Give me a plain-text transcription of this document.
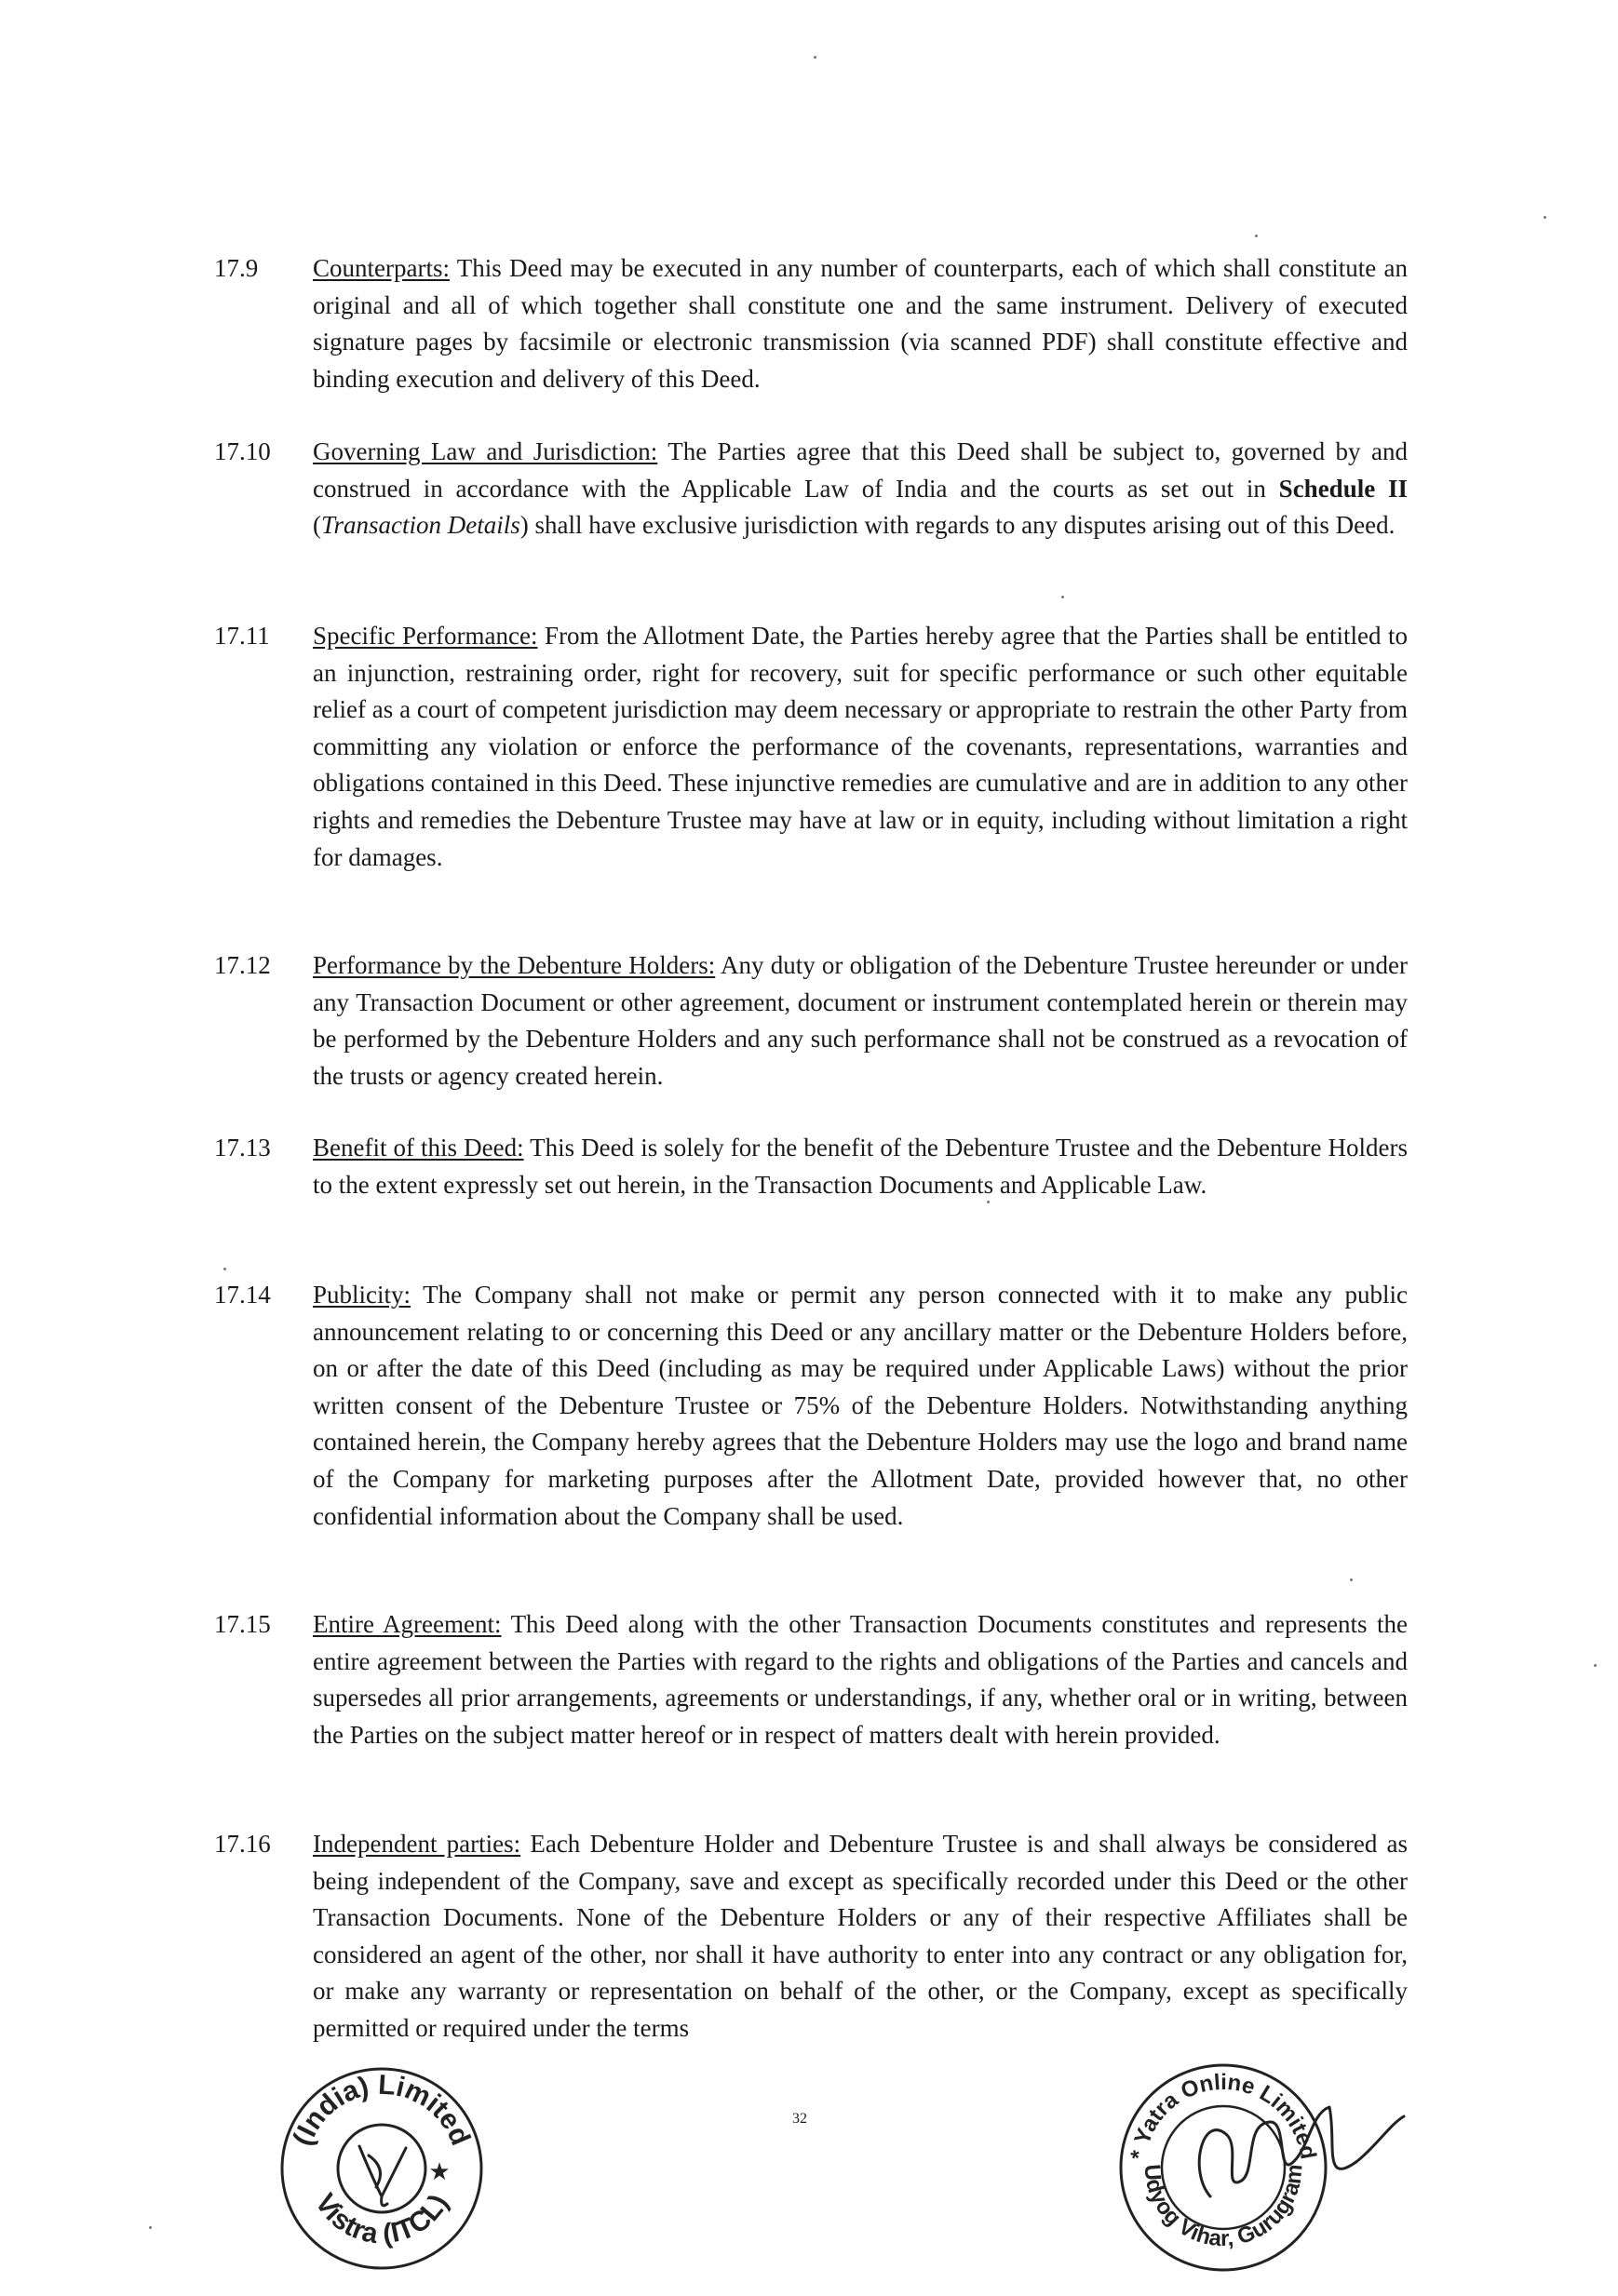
17.9	Counterparts: This Deed may be executed in any number of counterparts, each of which shall constitute an original and all of which together shall constitute one and the same instrument. Delivery of executed signature pages by facsimile or electronic transmission (via scanned PDF) shall constitute effective and binding execution and delivery of this Deed.

17.10	Governing Law and Jurisdiction: The Parties agree that this Deed shall be subject to, governed by and construed in accordance with the Applicable Law of India and the courts as set out in Schedule II (Transaction Details) shall have exclusive jurisdiction with regards to any disputes arising out of this Deed.

17.11	Specific Performance: From the Allotment Date, the Parties hereby agree that the Parties shall be entitled to an injunction, restraining order, right for recovery, suit for specific performance or such other equitable relief as a court of competent jurisdiction may deem necessary or appropriate to restrain the other Party from committing any violation or enforce the performance of the covenants, representations, warranties and obligations contained in this Deed. These injunctive remedies are cumulative and are in addition to any other rights and remedies the Debenture Trustee may have at law or in equity, including without limitation a right for damages.

17.12	Performance by the Debenture Holders: Any duty or obligation of the Debenture Trustee hereunder or under any Transaction Document or other agreement, document or instrument contemplated herein or therein may be performed by the Debenture Holders and any such performance shall not be construed as a revocation of the trusts or agency created herein.

17.13	Benefit of this Deed: This Deed is solely for the benefit of the Debenture Trustee and the Debenture Holders to the extent expressly set out herein, in the Transaction Documents and Applicable Law.

17.14	Publicity: The Company shall not make or permit any person connected with it to make any public announcement relating to or concerning this Deed or any ancillary matter or the Debenture Holders before, on or after the date of this Deed (including as may be required under Applicable Laws) without the prior written consent of the Debenture Trustee or 75% of the Debenture Holders. Notwithstanding anything contained herein, the Company hereby agrees that the Debenture Holders may use the logo and brand name of the Company for marketing purposes after the Allotment Date, provided however that, no other confidential information about the Company shall be used.

17.15	Entire Agreement: This Deed along with the other Transaction Documents constitutes and represents the entire agreement between the Parties with regard to the rights and obligations of the Parties and cancels and supersedes all prior arrangements, agreements or understandings, if any, whether oral or in writing, between the Parties on the subject matter hereof or in respect of matters dealt with herein provided.

17.16	Independent parties: Each Debenture Holder and Debenture Trustee is and shall always be considered as being independent of the Company, save and except as specifically recorded under this Deed or the other Transaction Documents. None of the Debenture Holders or any of their respective Affiliates shall be considered an agent of the other, nor shall it have authority to enter into any contract or any obligation for, or make any warranty or representation on behalf of the other, or the Company, except as specifically permitted or required under the terms

32
(India) Limited
Vistra (ITCL)
★
* Yatra Online Limited
Udyog Vihar, Gurugram
